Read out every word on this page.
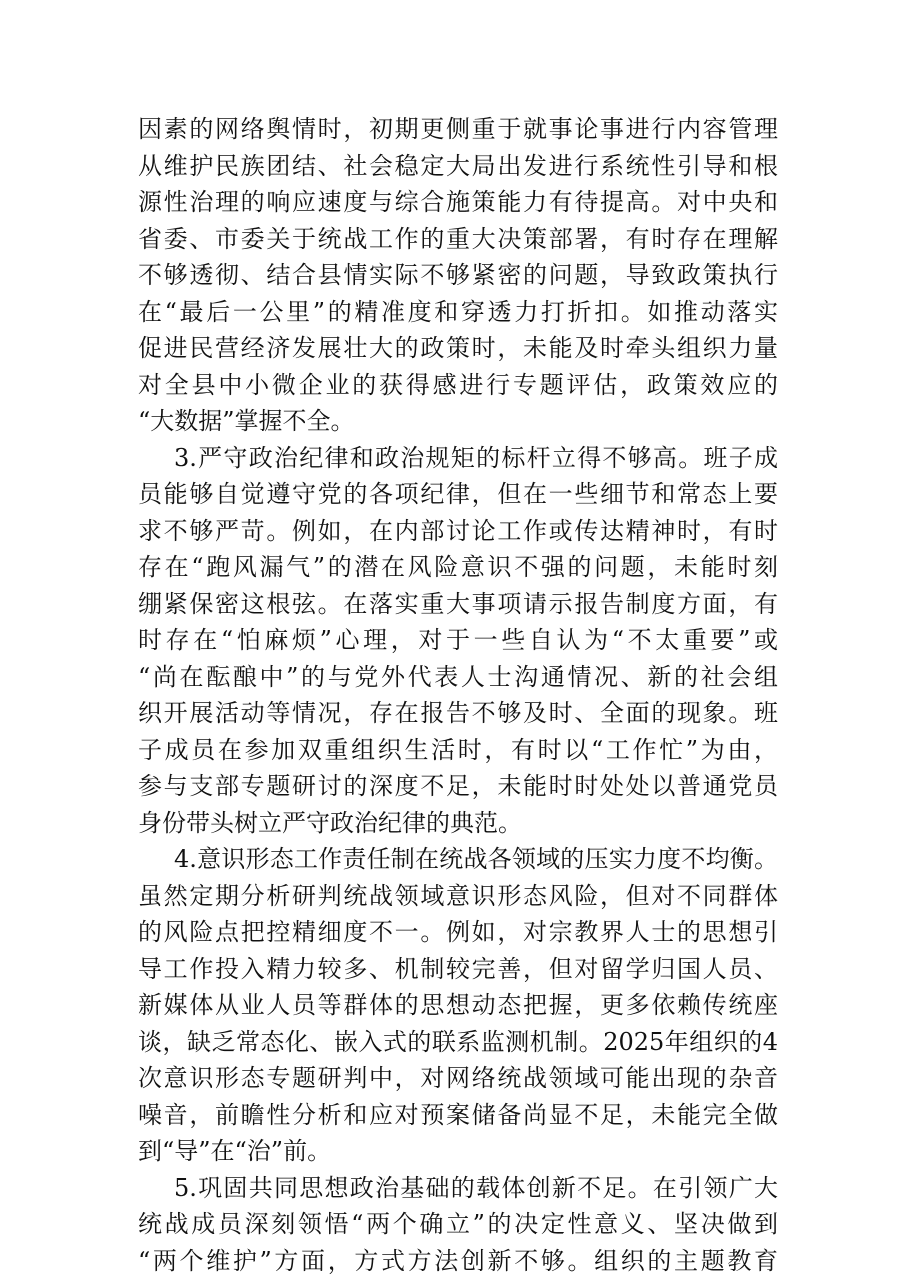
因素的网络舆情时，初期更侧重于就事论事进行内容管理
从维护民族团结、社会稳定大局出发进行系统性引导和根
源性治理的响应速度与综合施策能力有待提高。对中央和
省委、市委关于统战工作的重大决策部署，有时存在理解
不够透彻、结合县情实际不够紧密的问题，导致政策执行
在“最后一公里”的精准度和穿透力打折扣。如推动落实
促进民营经济发展壮大的政策时，未能及时牵头组织力量
对全县中小微企业的获得感进行专题评估，政策效应的
“大数据”掌握不全。
3.严守政治纪律和政治规矩的标杆立得不够高。班子成
员能够自觉遵守党的各项纪律，但在一些细节和常态上要
求不够严苛。例如，在内部讨论工作或传达精神时，有时
存在“跑风漏气”的潜在风险意识不强的问题，未能时刻
绷紧保密这根弦。在落实重大事项请示报告制度方面，有
时存在“怕麻烦”心理，对于一些自认为“不太重要”或
“尚在酝酿中”的与党外代表人士沟通情况、新的社会组
织开展活动等情况，存在报告不够及时、全面的现象。班
子成员在参加双重组织生活时，有时以“工作忙”为由，
参与支部专题研讨的深度不足，未能时时处处以普通党员
身份带头树立严守政治纪律的典范。
4.意识形态工作责任制在统战各领域的压实力度不均衡。
虽然定期分析研判统战领域意识形态风险，但对不同群体
的风险点把控精细度不一。例如，对宗教界人士的思想引
导工作投入精力较多、机制较完善，但对留学归国人员、
新媒体从业人员等群体的思想动态把握，更多依赖传统座
谈，缺乏常态化、嵌入式的联系监测机制。2025年组织的4
次意识形态专题研判中，对网络统战领域可能出现的杂音
噪音，前瞻性分析和应对预案储备尚显不足，未能完全做
到“导”在“治”前。
5.巩固共同思想政治基础的载体创新不足。在引领广大
统战成员深刻领悟“两个确立”的决定性意义、坚决做到
“两个维护”方面，方式方法创新不够。组织的主题教育
